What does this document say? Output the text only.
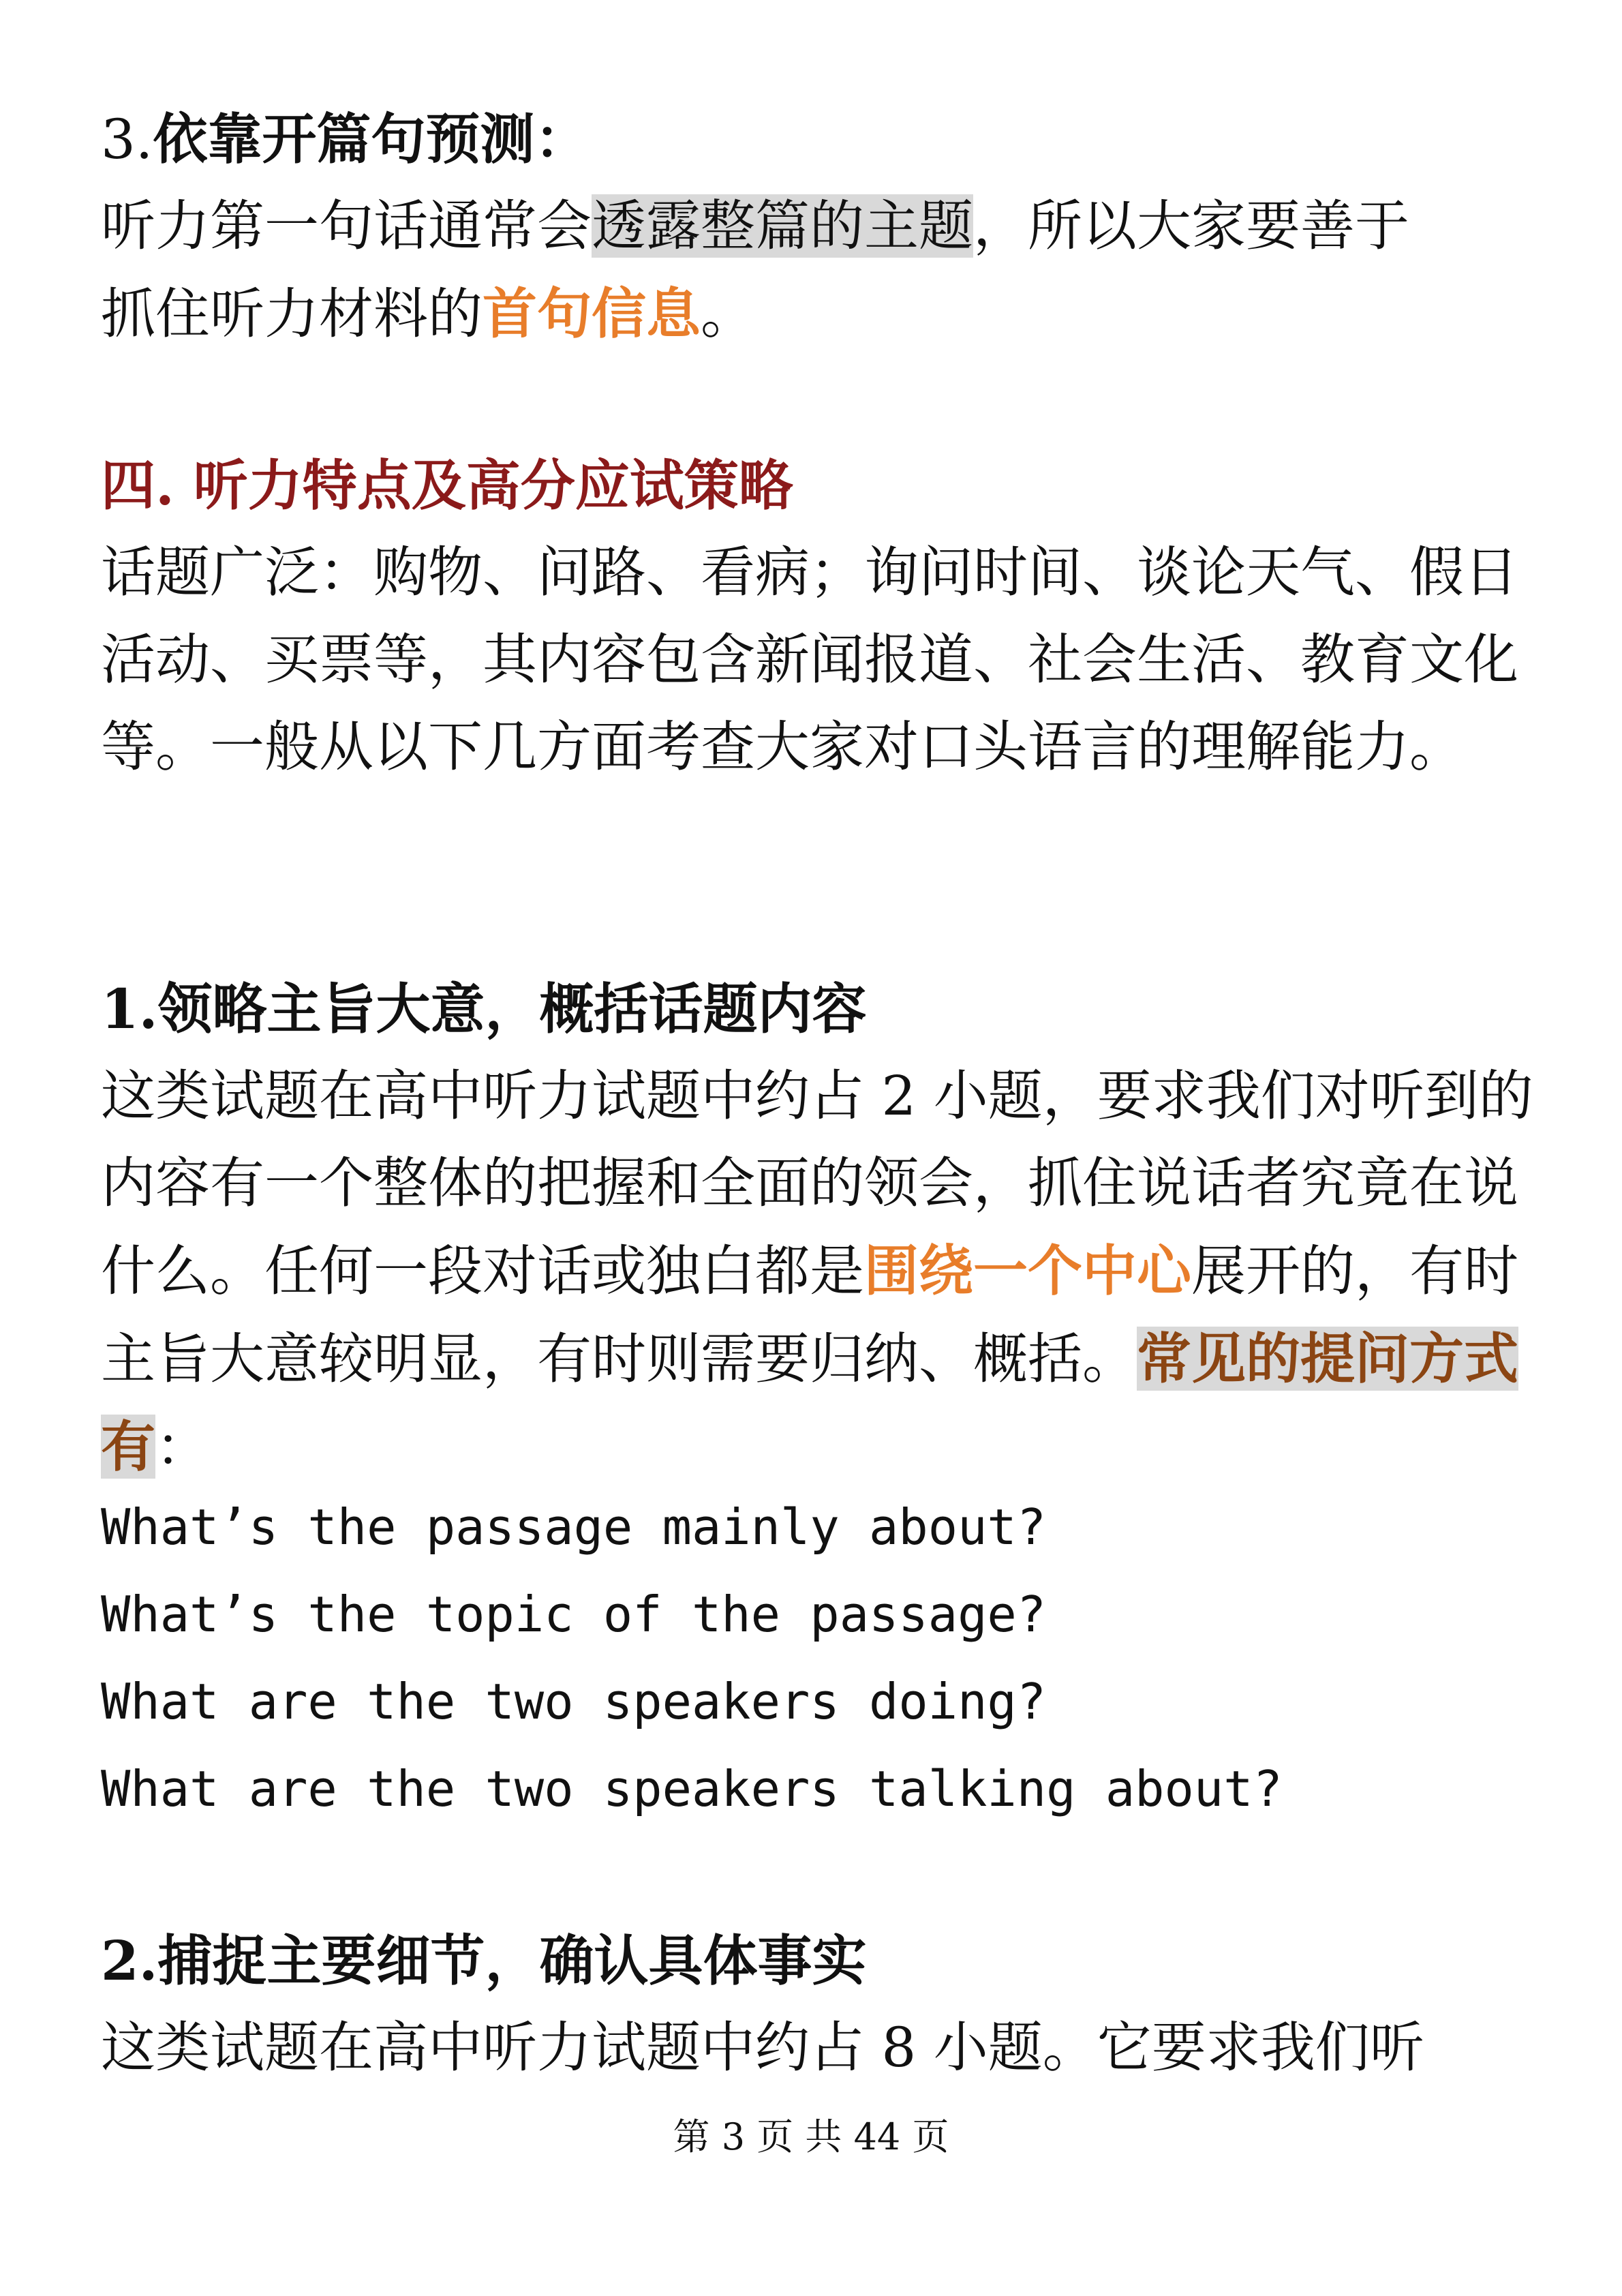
3.依靠开篇句预测：
听力第一句话通常会透露整篇的主题，所以大家要善于
抓住听力材料的首句信息。
四. 听力特点及高分应试策略
话题广泛：购物、问路、看病；询问时间、谈论天气、假日活动、买票等，其内容包含新闻报道、社会生活、教育文化等。一般从以下几方面考查大家对口头语言的理解能力。
1.领略主旨大意，概括话题内容
这类试题在高中听力试题中约占 2 小题，要求我们对听到的内容有一个整体的把握和全面的领会，抓住说话者究竟在说什么。任何一段对话或独白都是围绕一个中心展开的，有时主旨大意较明显，有时则需要归纳、概括。常见的提问方式有：
What’s the passage mainly about?
What’s the topic of the passage?
What are the two speakers doing?
What are the two speakers talking about?
2.捕捉主要细节，确认具体事实
这类试题在高中听力试题中约占 8 小题。它要求我们听
第 3 页 共 44 页
